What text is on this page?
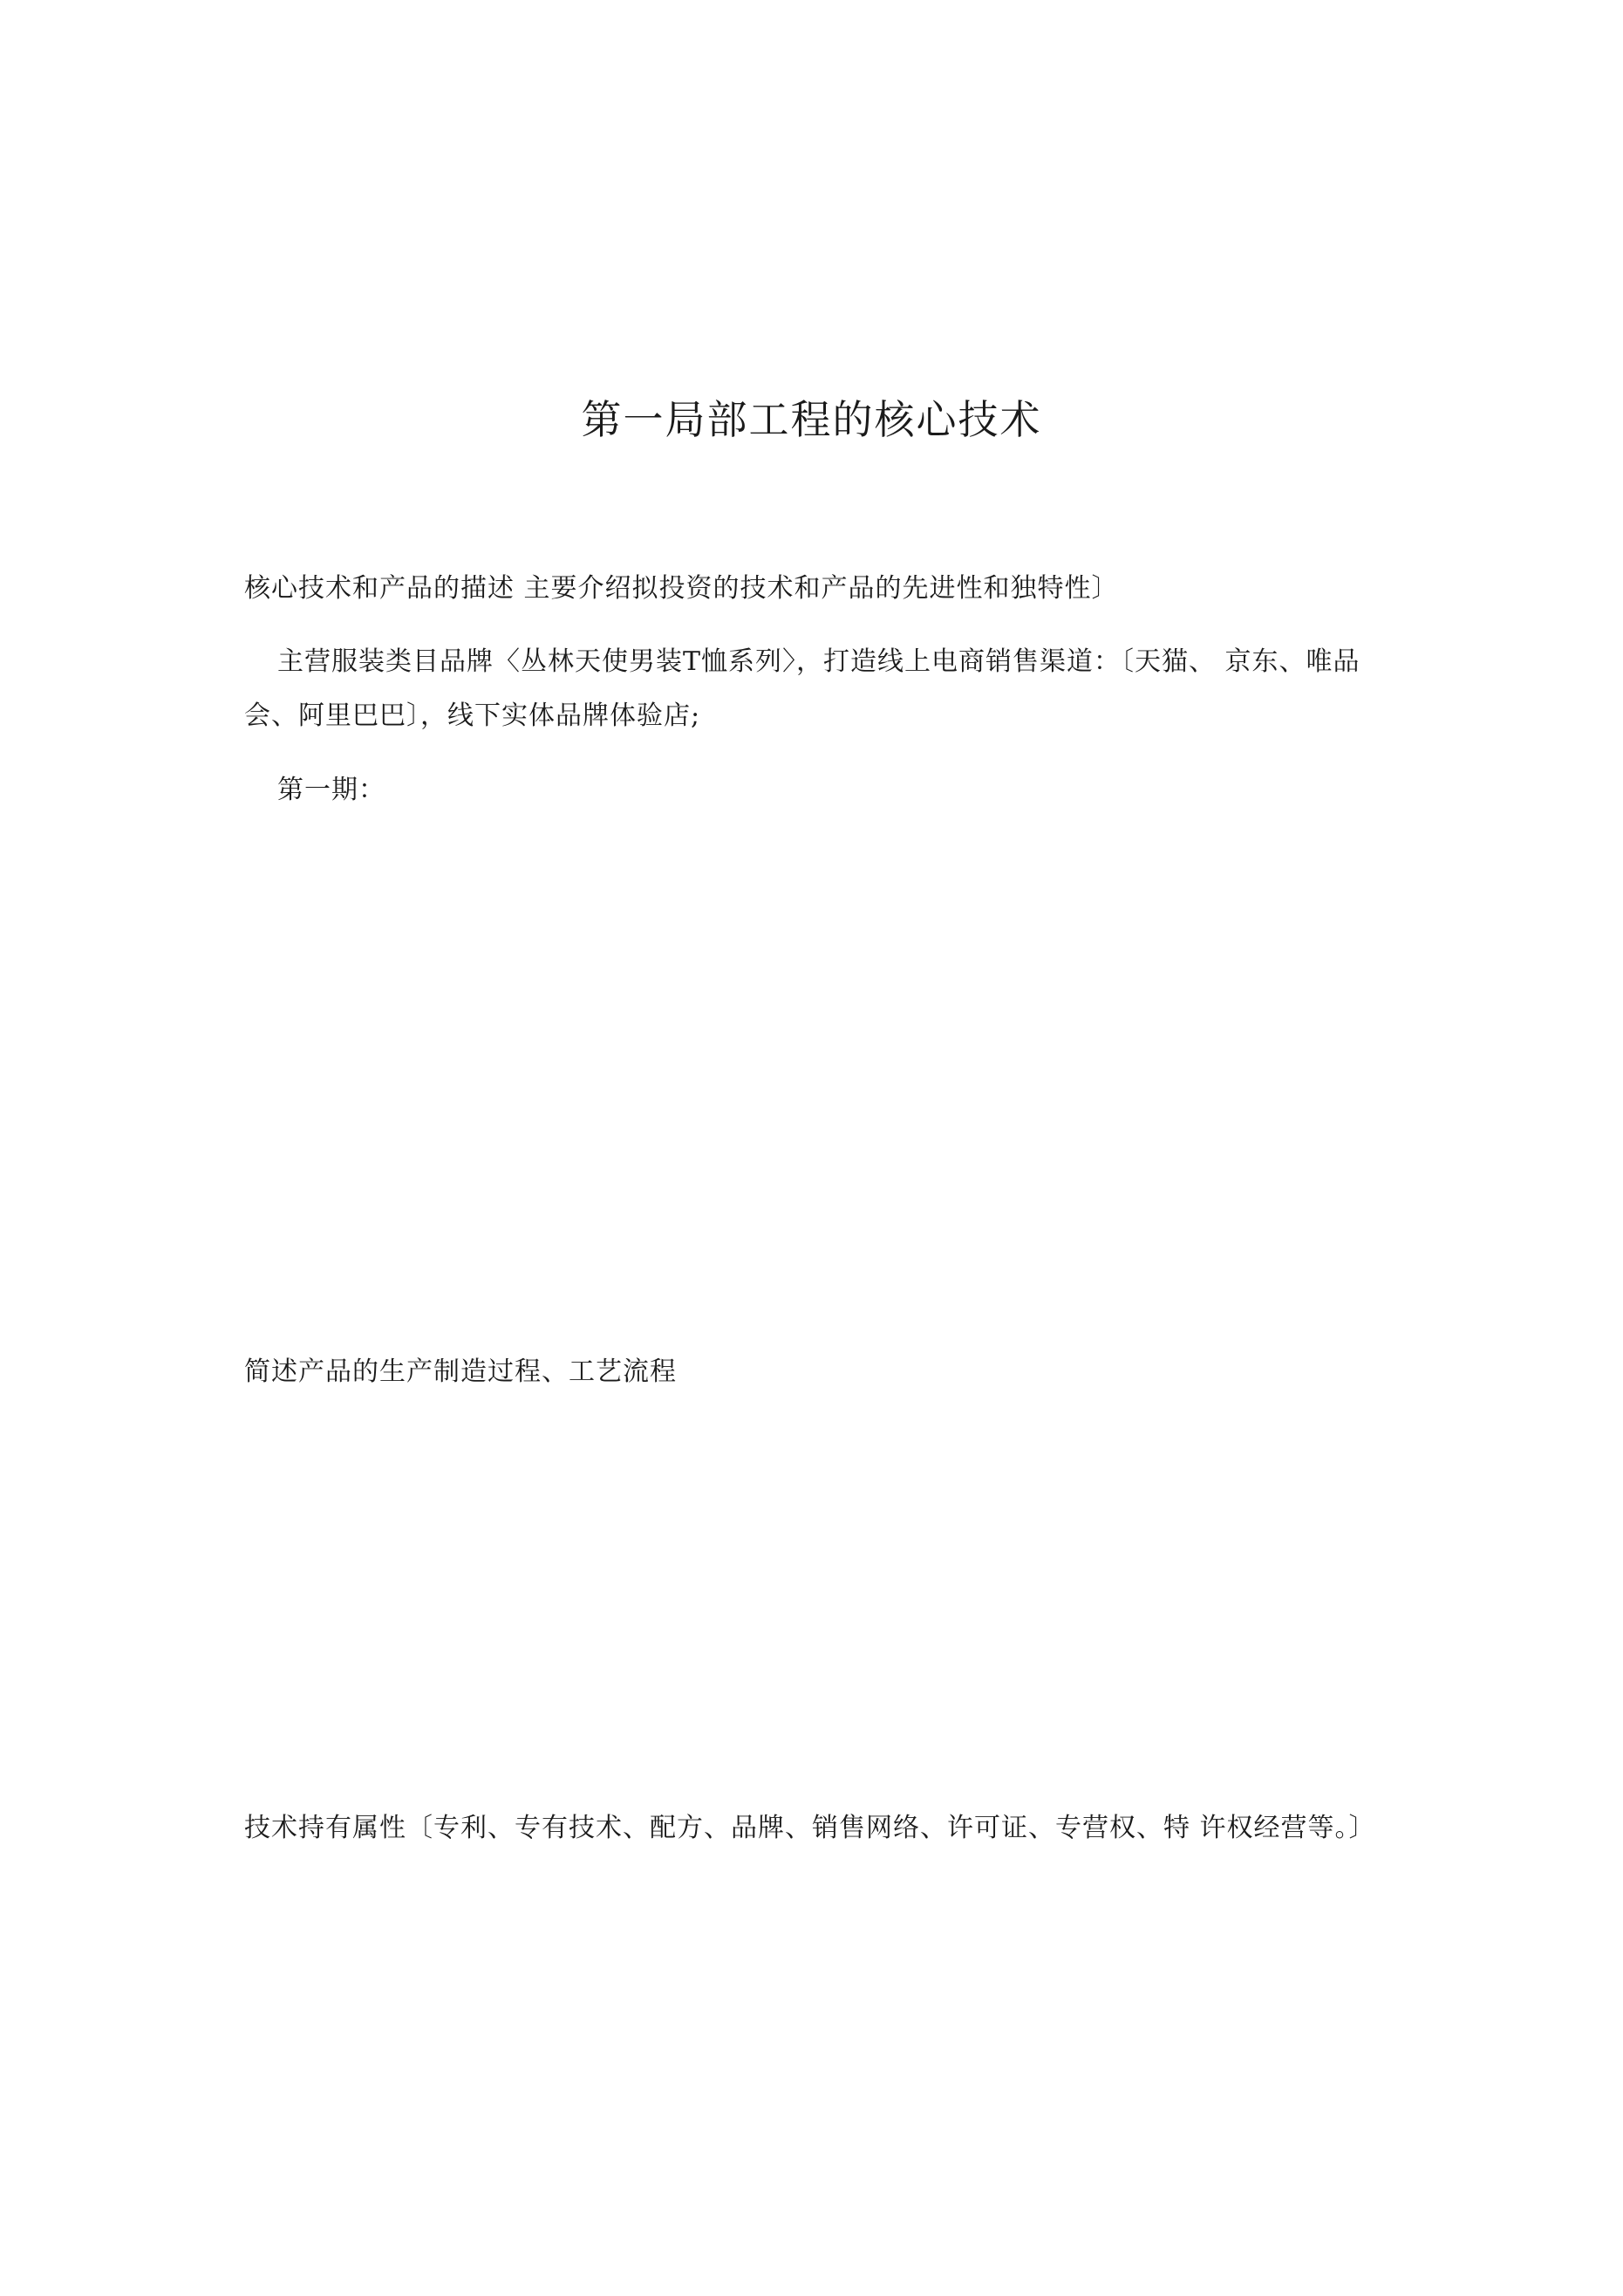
第一局部工程的核心技术
核心技术和产品的描述 主要介绍拟投资的技术和产品的先进性和独特性〕
主营服装类目品牌〈丛林天使男装T恤系列〉，打造线上电商销售渠道：〔天猫、 京东、唯品会、阿里巴巴〕，线下实体品牌体验店;
第一期：
简述产品的生产制造过程、工艺流程
技术持有属性〔专利、专有技术、配方、品牌、销售网络、许可证、专营权、特 许权经营等。〕
